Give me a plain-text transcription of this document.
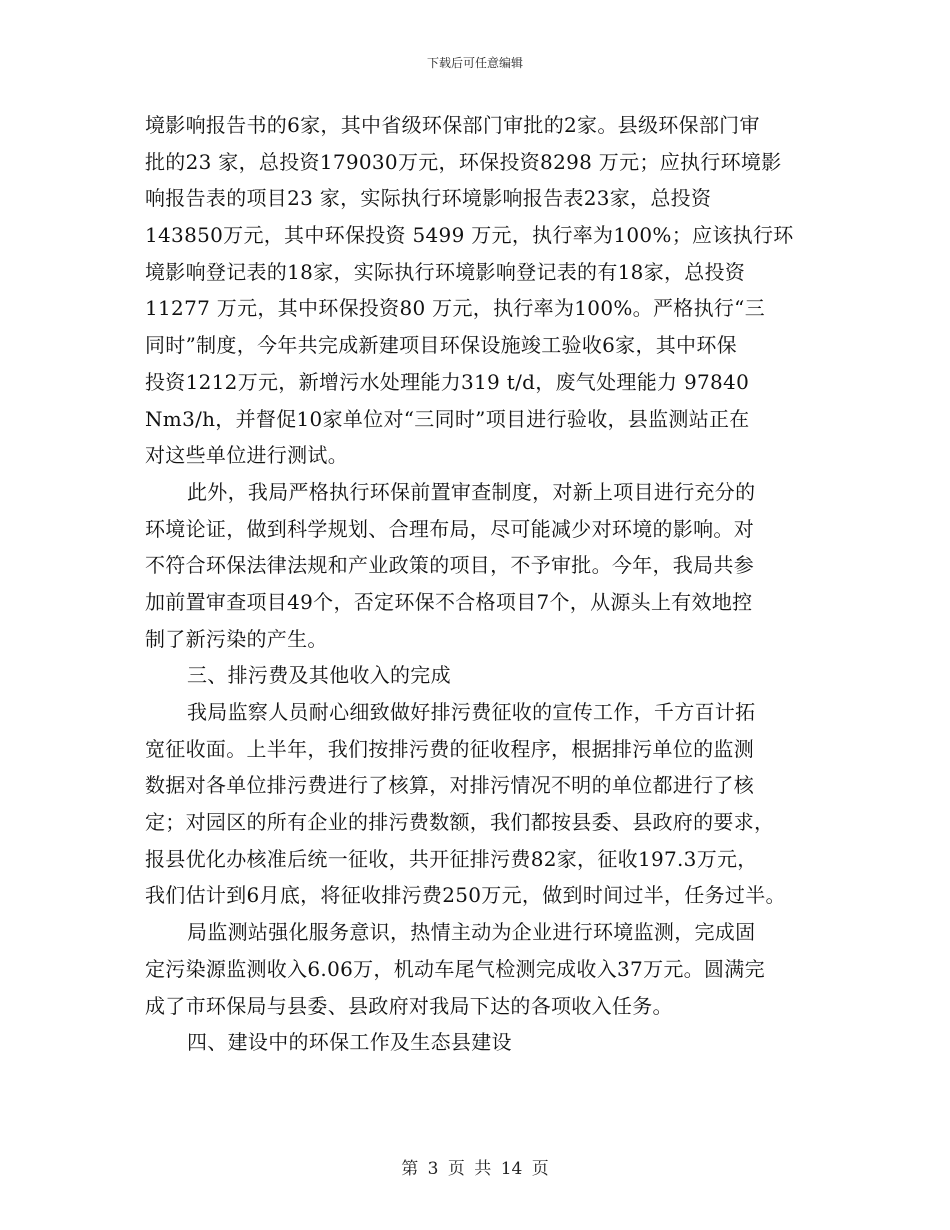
下载后可任意编辑
境影响报告书的6家，其中省级环保部门审批的2家。县级环保部门审
批的23 家，总投资179030万元，环保投资8298 万元；应执行环境影
响报告表的项目23 家，实际执行环境影响报告表23家，总投资
143850万元，其中环保投资 5499 万元，执行率为100%；应该执行环
境影响登记表的18家，实际执行环境影响登记表的有18家，总投资
11277 万元，其中环保投资80 万元，执行率为100%。严格执行“三
同时”制度，今年共完成新建项目环保设施竣工验收6家，其中环保
投资1212万元，新增污水处理能力319 t/d，废气处理能力 97840
Nm3/h，并督促10家单位对“三同时”项目进行验收，县监测站正在
对这些单位进行测试。
此外，我局严格执行环保前置审查制度，对新上项目进行充分的
环境论证，做到科学规划、合理布局，尽可能减少对环境的影响。对
不符合环保法律法规和产业政策的项目，不予审批。今年，我局共参
加前置审查项目49个，否定环保不合格项目7个，从源头上有效地控
制了新污染的产生。
三、排污费及其他收入的完成
我局监察人员耐心细致做好排污费征收的宣传工作，千方百计拓
宽征收面。上半年，我们按排污费的征收程序，根据排污单位的监测
数据对各单位排污费进行了核算，对排污情况不明的单位都进行了核
定；对园区的所有企业的排污费数额，我们都按县委、县政府的要求，
报县优化办核准后统一征收，共开征排污费82家，征收197.3万元，
我们估计到6月底，将征收排污费250万元，做到时间过半，任务过半。
局监测站强化服务意识，热情主动为企业进行环境监测，完成固
定污染源监测收入6.06万，机动车尾气检测完成收入37万元。圆满完
成了市环保局与县委、县政府对我局下达的各项收入任务。
四、建设中的环保工作及生态县建设
第 3 页 共 14 页
